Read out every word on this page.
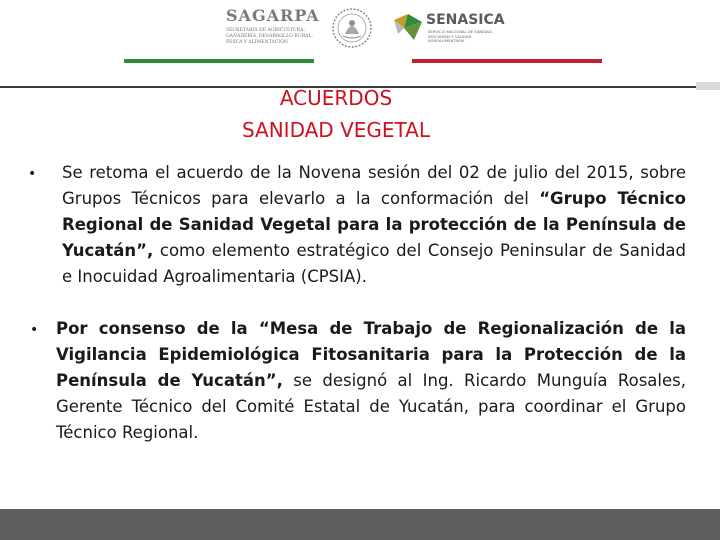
SAGARPA
SECRETARÍA DE AGRICULTURA,
GANADERÍA, DESARROLLO RURAL,
PESCA Y ALIMENTACIÓN
SENASICA
SERVICIO NACIONAL DE SANIDAD,
INOCUIDAD Y CALIDAD
AGROALIMENTARIA
ACUERDOS
SANIDAD VEGETAL
• Se retoma el acuerdo de la Novena sesión del 02 de julio del 2015, sobre Grupos Técnicos para elevarlo a la conformación del “Grupo Técnico Regional de Sanidad Vegetal para la protección de la Península de Yucatán”, como elemento estratégico del Consejo Peninsular de Sanidad e Inocuidad Agroalimentaria (CPSIA).
• Por consenso de la “Mesa de Trabajo de Regionalización de la Vigilancia Epidemiológica Fitosanitaria para la Protección de la Península de Yucatán”, se designó al Ing. Ricardo Munguía Rosales, Gerente Técnico del Comité Estatal de Yucatán, para coordinar el Grupo Técnico Regional.
